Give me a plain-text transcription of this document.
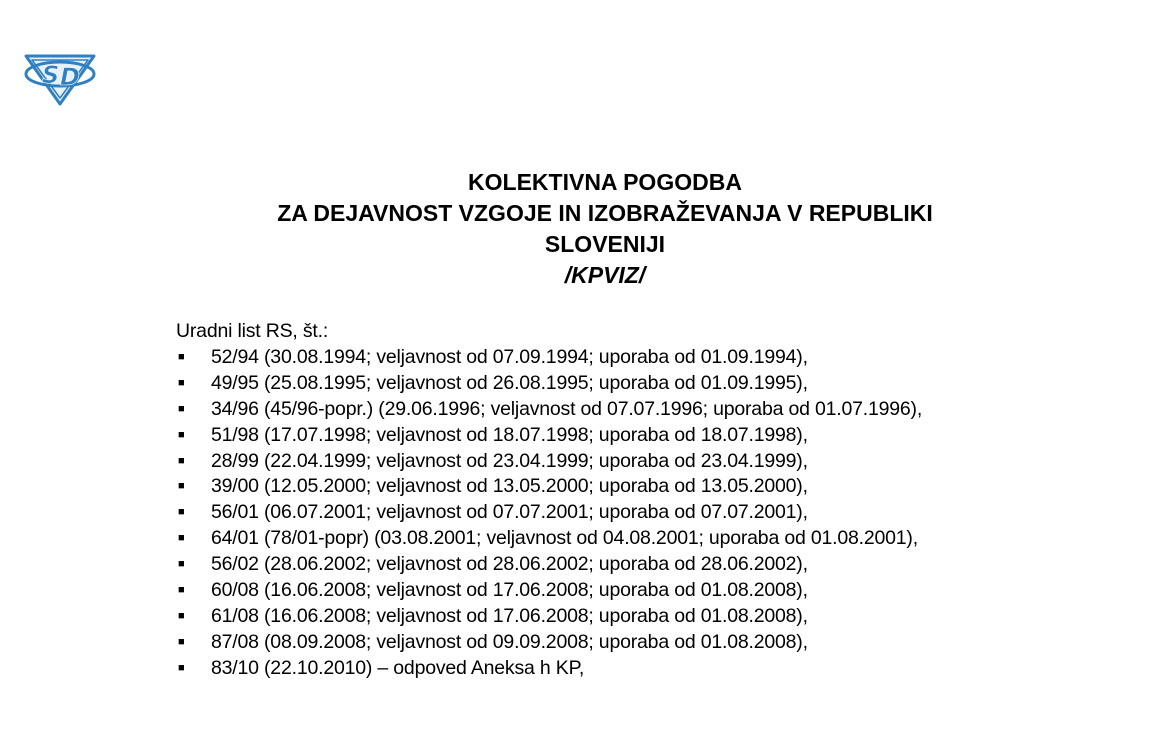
S D
KOLEKTIVNA POGODBA
ZA DEJAVNOST VZGOJE IN IZOBRAŽEVANJA V REPUBLIKI
SLOVENIJI
/KPVIZ/
Uradni list RS, št.:
■ 52/94 (30.08.1994; veljavnost od 07.09.1994; uporaba od 01.09.1994),
■ 49/95 (25.08.1995; veljavnost od 26.08.1995; uporaba od 01.09.1995),
■ 34/96 (45/96-popr.) (29.06.1996; veljavnost od 07.07.1996; uporaba od 01.07.1996),
■ 51/98 (17.07.1998; veljavnost od 18.07.1998; uporaba od 18.07.1998),
■ 28/99 (22.04.1999; veljavnost od 23.04.1999; uporaba od 23.04.1999),
■ 39/00 (12.05.2000; veljavnost od 13.05.2000; uporaba od 13.05.2000),
■ 56/01 (06.07.2001; veljavnost od 07.07.2001; uporaba od 07.07.2001),
■ 64/01 (78/01-popr) (03.08.2001; veljavnost od 04.08.2001; uporaba od 01.08.2001),
■ 56/02 (28.06.2002; veljavnost od 28.06.2002; uporaba od 28.06.2002),
■ 60/08 (16.06.2008; veljavnost od 17.06.2008; uporaba od 01.08.2008),
■ 61/08 (16.06.2008; veljavnost od 17.06.2008; uporaba od 01.08.2008),
■ 87/08 (08.09.2008; veljavnost od 09.09.2008; uporaba od 01.08.2008),
■ 83/10 (22.10.2010) – odpoved Aneksa h KP,
